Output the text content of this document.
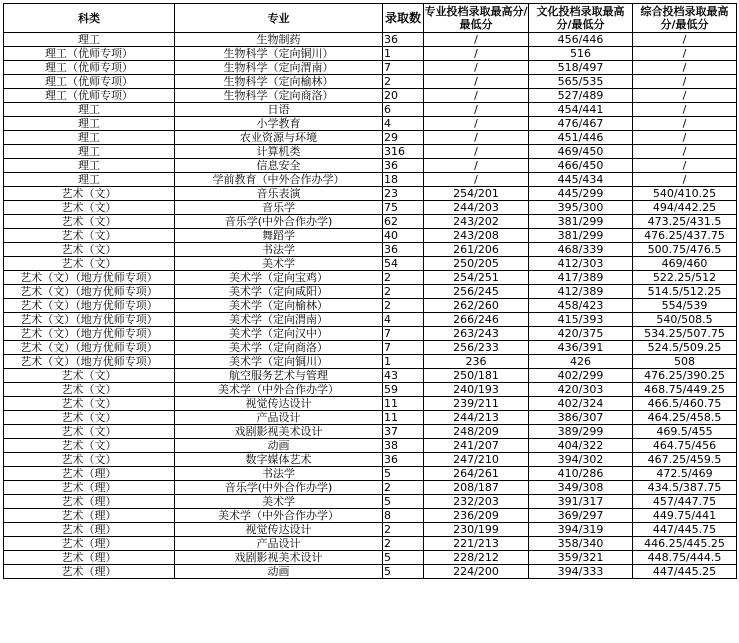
科类	专业	录取数	专业投档录取最高分/最低分	文化投档录取最高分/最低分	综合投档录取最高分/最低分
理工	生物制药	36	/	456/446	/
理工（优师专项）	生物科学（定向铜川）	1	/	516	/
理工（优师专项）	生物科学（定向渭南）	7	/	518/497	/
理工（优师专项）	生物科学（定向榆林）	2	/	565/535	/
理工（优师专项）	生物科学（定向商洛）	20	/	527/489	/
理工	日语	6	/	454/441	/
理工	小学教育	4	/	476/467	/
理工	农业资源与环境	29	/	451/446	/
理工	计算机类	316	/	469/450	/
理工	信息安全	36	/	466/450	/
理工	学前教育（中外合作办学）	18	/	445/434	/
艺术（文）	音乐表演	23	254/201	445/299	540/410.25
艺术（文）	音乐学	75	244/203	395/300	494/442.25
艺术（文）	音乐学(中外合作办学)	62	243/202	381/299	473.25/431.5
艺术（文）	舞蹈学	40	243/208	381/299	476.25/437.75
艺术（文）	书法学	36	261/206	468/339	500.75/476.5
艺术（文）	美术学	54	250/205	412/303	469/460
艺术（文）（地方优师专项）	美术学（定向宝鸡）	2	254/251	417/389	522.25/512
艺术（文）（地方优师专项）	美术学（定向咸阳）	2	256/245	412/389	514.5/512.25
艺术（文）（地方优师专项）	美术学（定向榆林）	2	262/260	458/423	554/539
艺术（文）（地方优师专项）	美术学（定向渭南）	4	266/246	415/393	540/508.5
艺术（文）（地方优师专项）	美术学（定向汉中）	7	263/243	420/375	534.25/507.75
艺术（文）（地方优师专项）	美术学（定向商洛）	7	256/233	436/391	524.5/509.25
艺术（文）（地方优师专项）	美术学（定向铜川）	1	236	426	508
艺术（文）	航空服务艺术与管理	43	250/181	402/299	476.25/390.25
艺术（文）	美术学（中外合作办学）	59	240/193	420/303	468.75/449.25
艺术（文）	视觉传达设计	11	239/211	402/324	466.5/460.75
艺术（文）	产品设计	11	244/213	386/307	464.25/458.5
艺术（文）	戏剧影视美术设计	37	248/209	389/299	469.5/455
艺术（文）	动画	38	241/207	404/322	464.75/456
艺术（文）	数字媒体艺术	36	247/210	394/302	467.25/459.5
艺术（理）	书法学	5	264/261	410/286	472.5/469
艺术（理）	音乐学(中外合作办学)	2	208/187	349/308	434.5/387.75
艺术（理）	美术学	5	232/203	391/317	457/447.75
艺术（理）	美术学（中外合作办学）	8	236/209	369/297	449.75/441
艺术（理）	视觉传达设计	2	230/199	394/319	447/445.75
艺术（理）	产品设计	2	221/213	358/340	446.25/445.25
艺术（理）	戏剧影视美术设计	5	228/212	359/321	448.75/444.5
艺术（理）	动画	5	224/200	394/333	447/445.25
